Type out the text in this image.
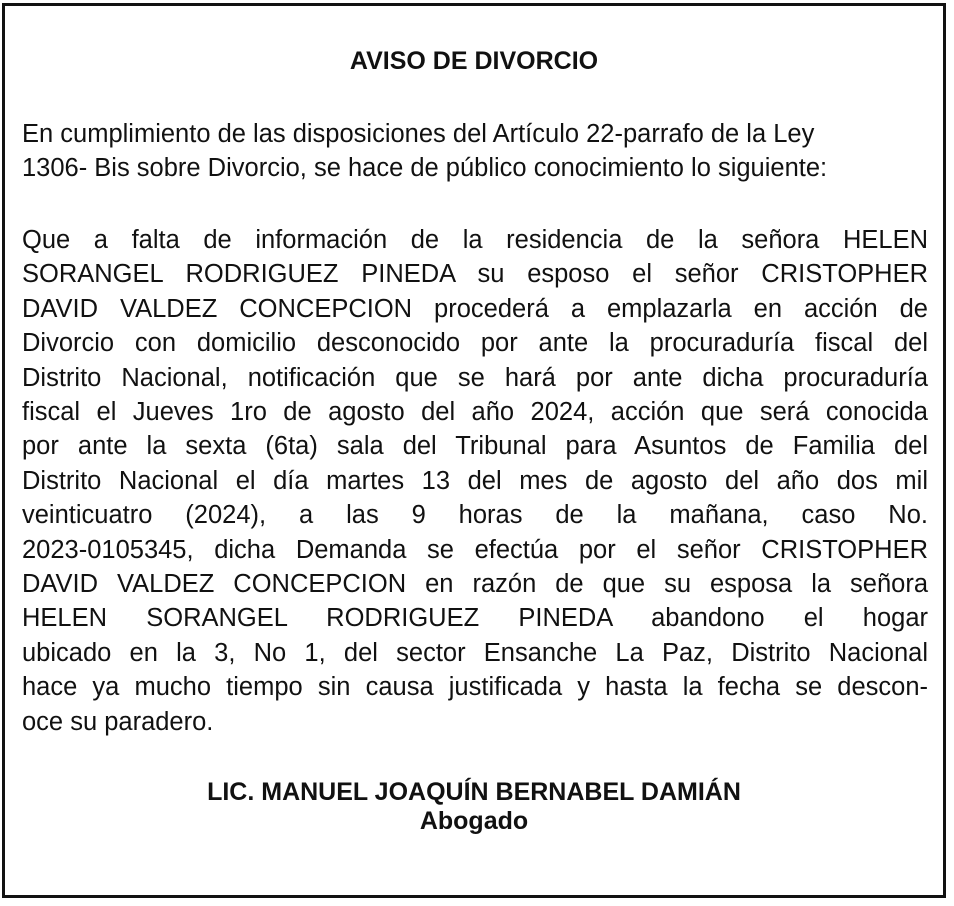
AVISO DE DIVORCIO

En cumplimiento de las disposiciones del Artículo 22-parrafo de la Ley
1306- Bis sobre Divorcio, se hace de público conocimiento lo siguiente:

Que a falta de información de la residencia de la señora HELEN
SORANGEL RODRIGUEZ PINEDA su esposo el señor CRISTOPHER
DAVID VALDEZ CONCEPCION procederá a emplazarla en acción de
Divorcio con domicilio desconocido por ante la procuraduría fiscal del
Distrito Nacional, notificación que se hará por ante dicha procuraduría
fiscal el Jueves 1ro de agosto del año 2024, acción que será conocida
por ante la sexta (6ta) sala del Tribunal para Asuntos de Familia del
Distrito Nacional el día martes 13 del mes de agosto del año dos mil
veinticuatro (2024), a las 9 horas de la mañana, caso No.
2023-0105345, dicha Demanda se efectúa por el señor CRISTOPHER
DAVID VALDEZ CONCEPCION en razón de que su esposa la señora
HELEN SORANGEL RODRIGUEZ PINEDA abandono el hogar
ubicado en la 3, No 1, del sector Ensanche La Paz, Distrito Nacional
hace ya mucho tiempo sin causa justificada y hasta la fecha se descon-
oce su paradero.

LIC. MANUEL JOAQUÍN BERNABEL DAMIÁN
Abogado
